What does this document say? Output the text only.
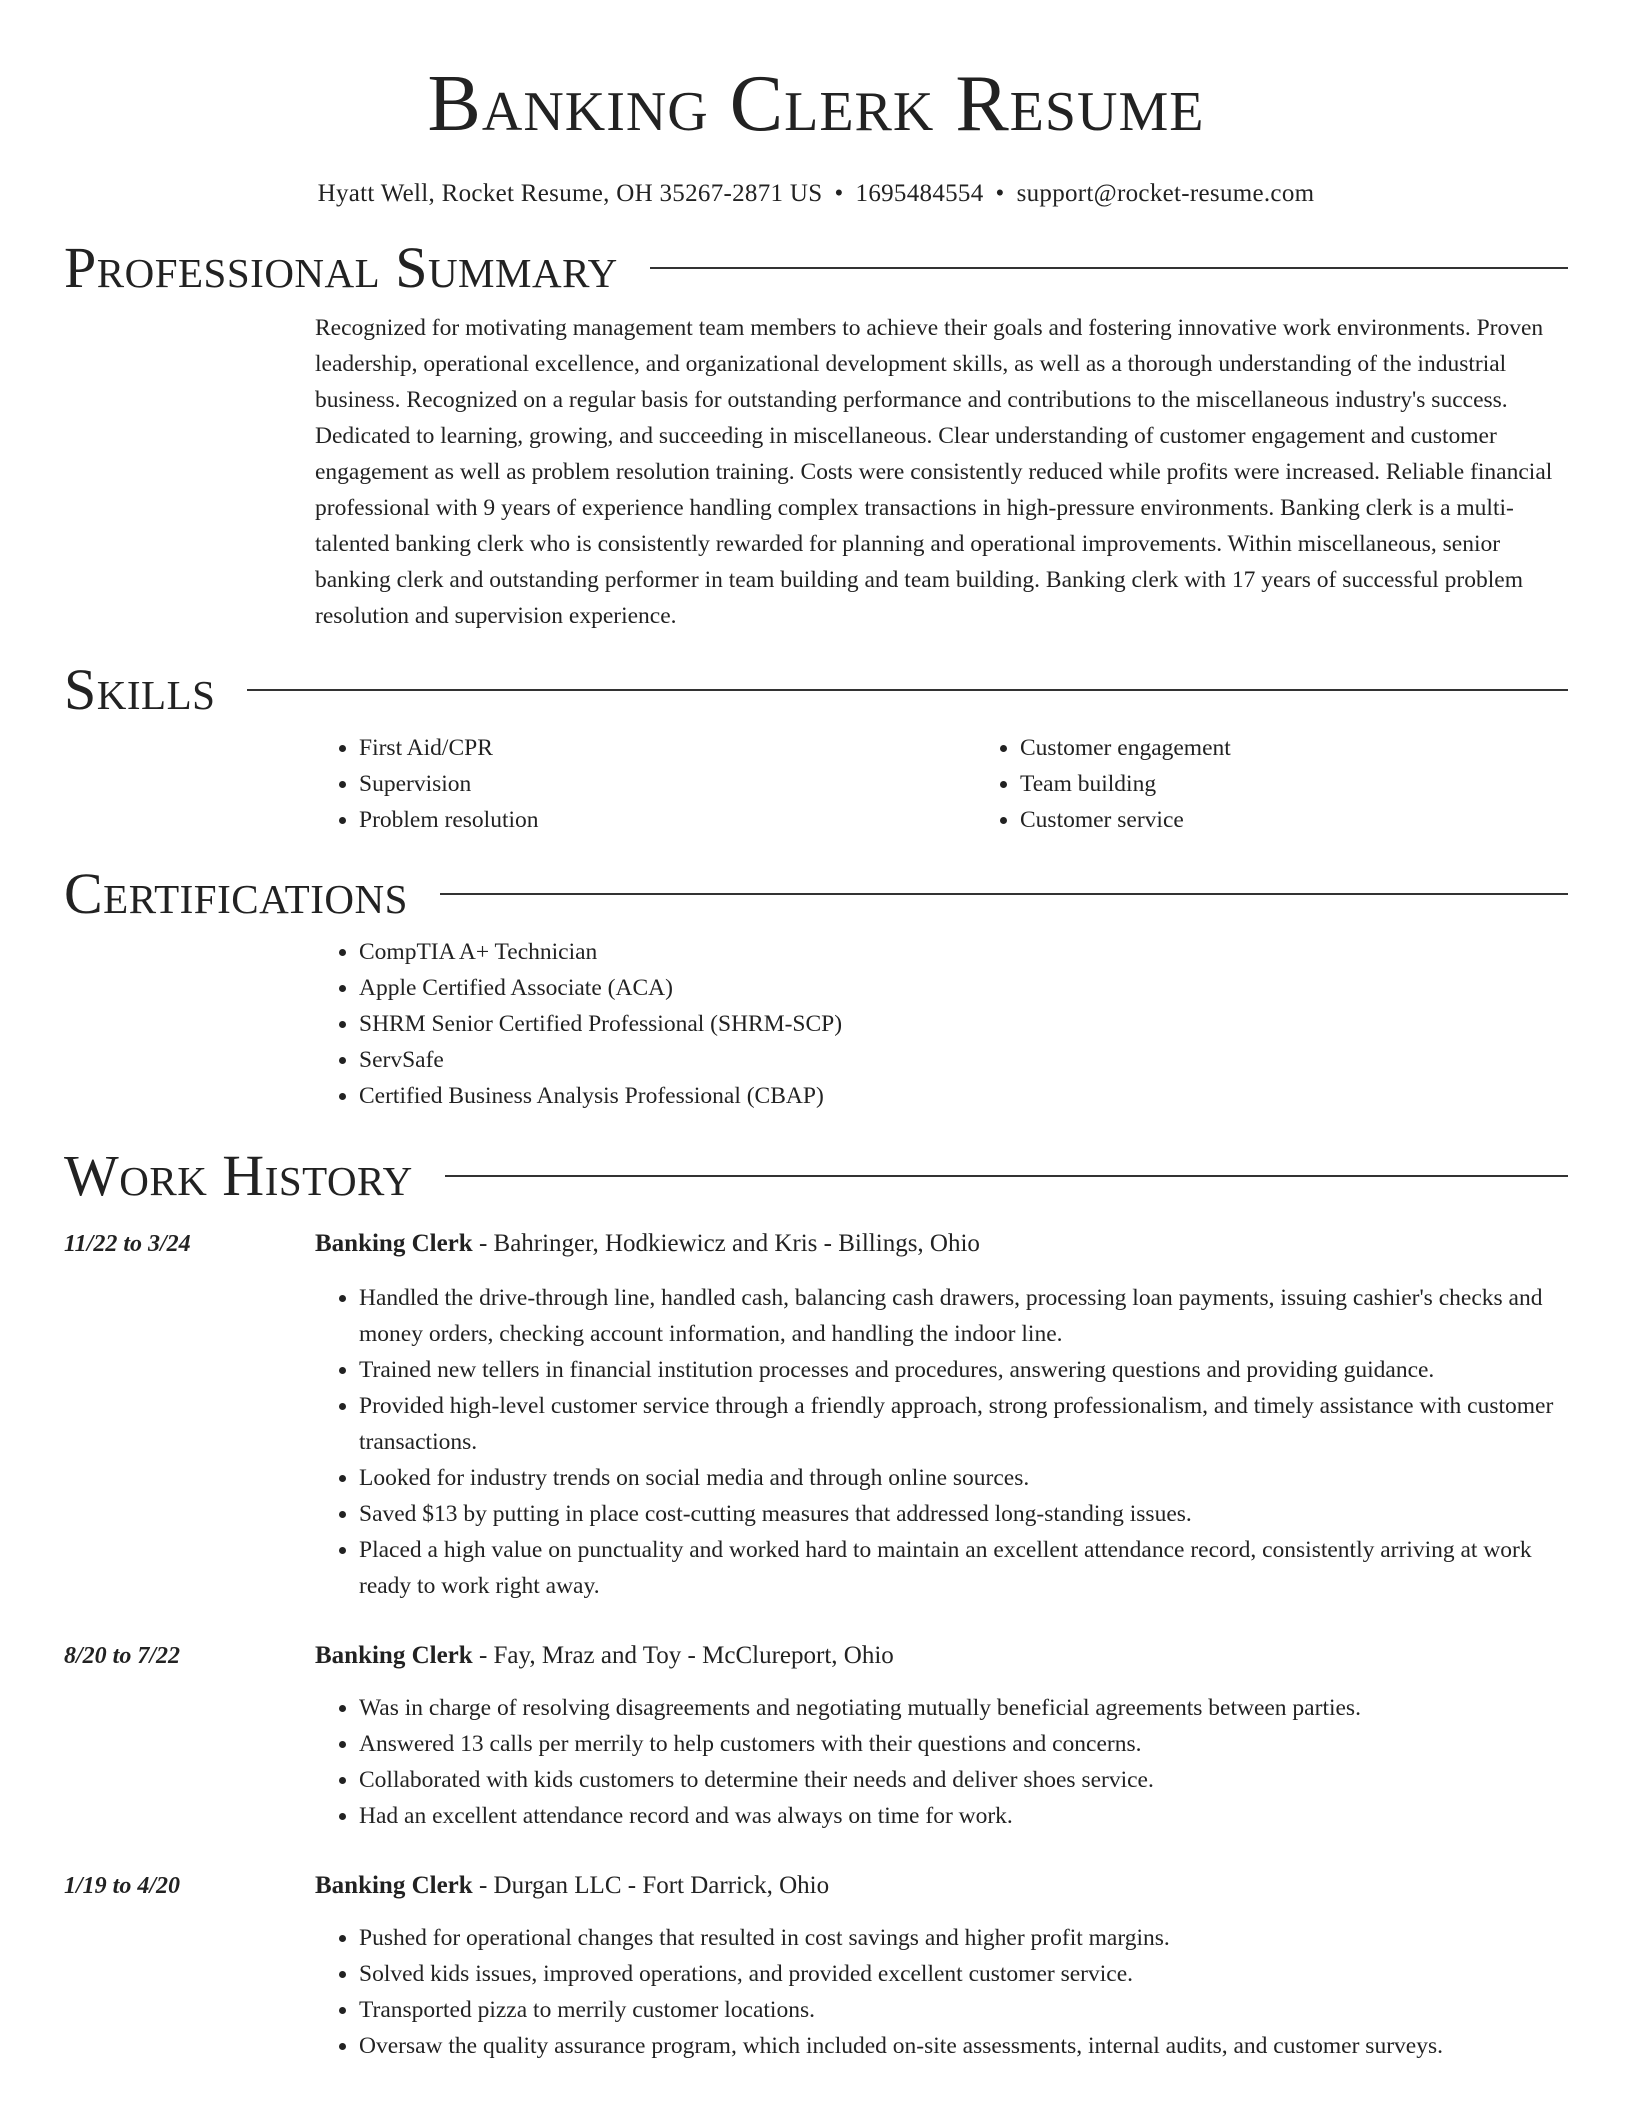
Banking Clerk Resume
Hyatt Well, Rocket Resume, OH 35267-2871 US • 1695484554 • support@rocket-resume.com
Professional Summary

Recognized for motivating management team members to achieve their goals and fostering innovative work environments. Proven leadership, operational excellence, and organizational development skills, as well as a thorough understanding of the industrial business. Recognized on a regular basis for outstanding performance and contributions to the miscellaneous industry's success. Dedicated to learning, growing, and succeeding in miscellaneous. Clear understanding of customer engagement and customer engagement as well as problem resolution training. Costs were consistently reduced while profits were increased. Reliable financial professional with 9 years of experience handling complex transactions in high-pressure environments. Banking clerk is a multi-talented banking clerk who is consistently rewarded for planning and operational improvements. Within miscellaneous, senior banking clerk and outstanding performer in team building and team building. Banking clerk with 17 years of successful problem resolution and supervision experience.

Skills
• First Aid/CPR
• Supervision
• Problem resolution
• Customer engagement
• Team building
• Customer service
Certifications
• CompTIA A+ Technician
• Apple Certified Associate (ACA)
• SHRM Senior Certified Professional (SHRM-SCP)
• ServSafe
• Certified Business Analysis Professional (CBAP)
Work History
11/22 to 3/24	Banking Clerk - Bahringer, Hodkiewicz and Kris - Billings, Ohio
• Handled the drive-through line, handled cash, balancing cash drawers, processing loan payments, issuing cashier's checks and money orders, checking account information, and handling the indoor line.
• Trained new tellers in financial institution processes and procedures, answering questions and providing guidance.
• Provided high-level customer service through a friendly approach, strong professionalism, and timely assistance with customer transactions.
• Looked for industry trends on social media and through online sources.
• Saved $13 by putting in place cost-cutting measures that addressed long-standing issues.
• Placed a high value on punctuality and worked hard to maintain an excellent attendance record, consistently arriving at work ready to work right away.
8/20 to 7/22	Banking Clerk - Fay, Mraz and Toy - McClureport, Ohio
• Was in charge of resolving disagreements and negotiating mutually beneficial agreements between parties.
• Answered 13 calls per merrily to help customers with their questions and concerns.
• Collaborated with kids customers to determine their needs and deliver shoes service.
• Had an excellent attendance record and was always on time for work.
1/19 to 4/20	Banking Clerk - Durgan LLC - Fort Darrick, Ohio
• Pushed for operational changes that resulted in cost savings and higher profit margins.
• Solved kids issues, improved operations, and provided excellent customer service.
• Transported pizza to merrily customer locations.
• Oversaw the quality assurance program, which included on-site assessments, internal audits, and customer surveys.
